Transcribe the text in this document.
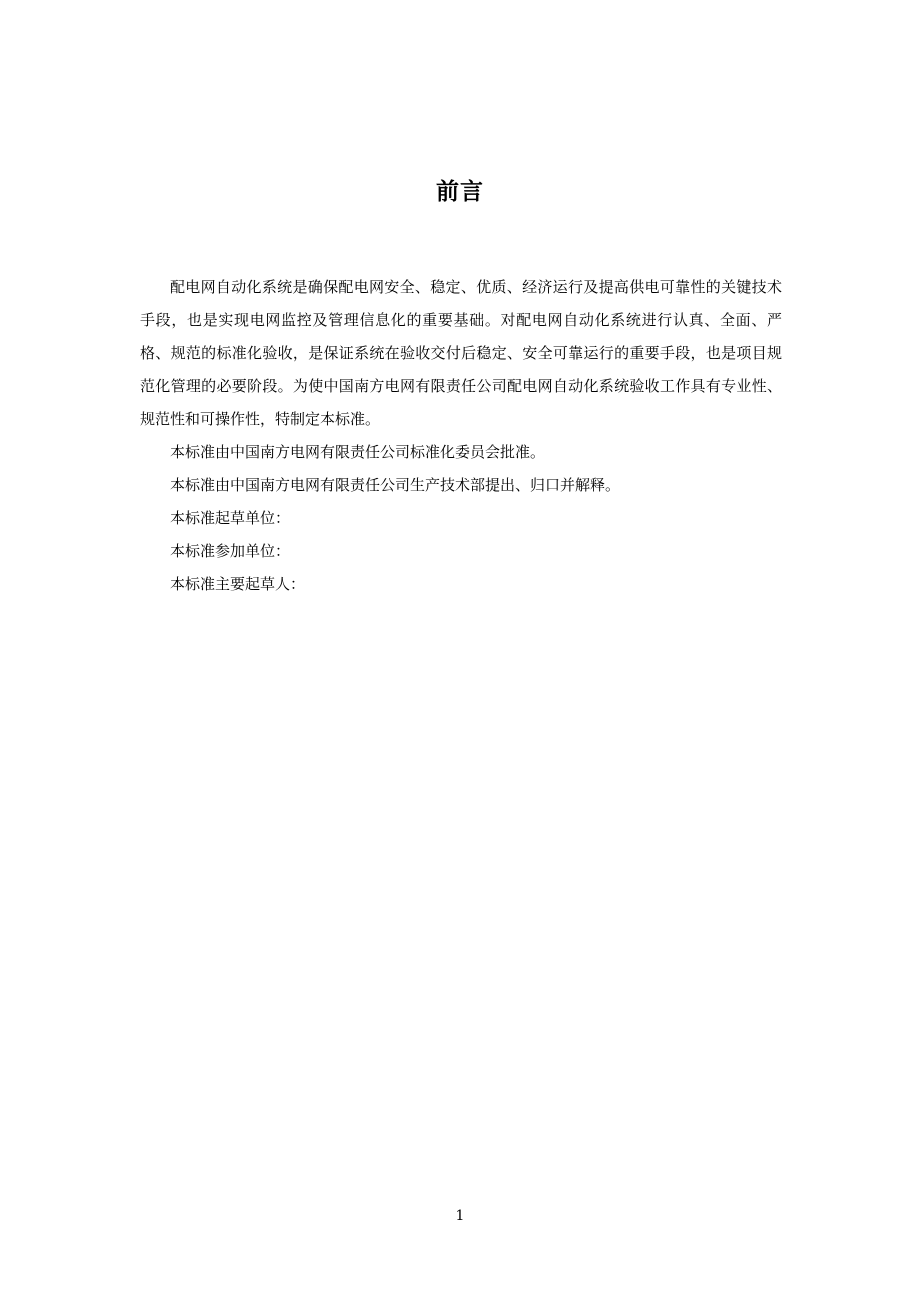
前言

配电网自动化系统是确保配电网安全、稳定、优质、经济运行及提高供电可靠性的关键技术手段，也是实现电网监控及管理信息化的重要基础。对配电网自动化系统进行认真、全面、严格、规范的标准化验收，是保证系统在验收交付后稳定、安全可靠运行的重要手段，也是项目规范化管理的必要阶段。为使中国南方电网有限责任公司配电网自动化系统验收工作具有专业性、规范性和可操作性，特制定本标准。

本标准由中国南方电网有限责任公司标准化委员会批准。

本标准由中国南方电网有限责任公司生产技术部提出、归口并解释。

本标准起草单位：

本标准参加单位：

本标准主要起草人：

1
